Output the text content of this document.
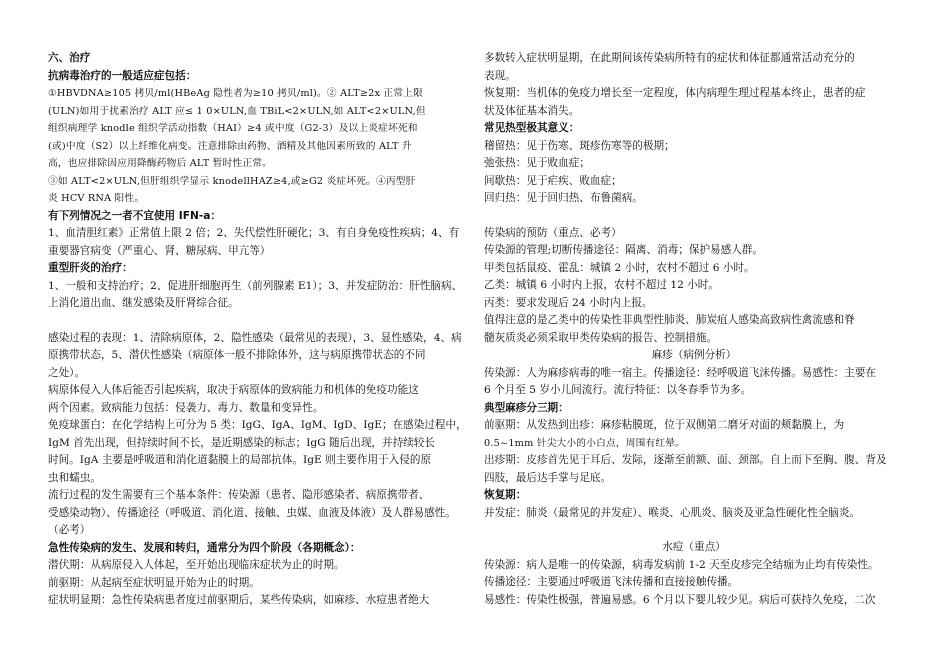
六、治疗

抗病毒治疗的一般适应症包括：

①HBVDNA≥105 拷贝/ml(HBeAg 隐性者为≥10 拷贝/ml)。② ALT≥2x 正常上限

(ULN)如用于扰素治疗 ALT 应≤ 1 0×ULN,血 TBiL<2×ULN,如 ALT<2×ULN,但

组织病理学 knodle 组织学活动指数（HAI）≥4 或中度（G2-3）及以上炎症坏死和

(或)中度（S2）以上纤维化病变。注意排除由药物、酒精及其他因素所致的 ALT 升

高，也应排除因应用降酶药物后 ALT 暂时性正常。

③如 ALT<2×ULN,但肝组织学显示 knodellHAZ≥4,或≥G2 炎症坏死。④丙型肝

炎 HCV RNA 阳性。

有下列情况之一者不宜使用 IFN-a：

1、血清胆红素》正常值上限 2 倍；2、失代偿性肝硬化；3、有自身免疫性疾病；4、有

重要器官病变（严重心、肾、糖尿病、甲亢等）

重型肝炎的治疗：

1、一般和支持治疗；2、促进肝细胞再生（前列腺素 E1）；3、并发症防治：肝性脑病、

上消化道出血、继发感染及肝肾综合征。

感染过程的表现：1、清除病原体，2、隐性感染（最常见的表现），3、显性感染，4、病

原携带状态，5、潜伏性感染（病原体一般不排除体外，这与病原携带状态的不同

之处）。

病原体侵入人体后能否引起疾病，取决于病原体的致病能力和机体的免疫功能这

两个因素。致病能力包括：侵袭力、毒力、数量和变异性。

免疫球蛋白：在化学结构上可分为 5 类：IgG、IgA、IgM、IgD、IgE；在感染过程中，

IgM 首先出现，但持续时间不长，是近期感染的标志；IgG 随后出现，并持续较长

时间。IgA 主要是呼吸道和消化道黏膜上的局部抗体。IgE 则主要作用于入侵的原

虫和蠕虫。

流行过程的发生需要有三个基本条件：传染源（患者、隐形感染者、病原携带者、

受感染动物）、传播途径（呼吸道、消化道、接触、虫媒、血液及体液）及人群易感性。

（必考）

急性传染病的发生、发展和转归，通常分为四个阶段（各期概念）：

潜伏期：从病原侵入人体起，至开始出现临床症状为止的时期。

前驱期：从起病至症状明显开始为止的时期。

症状明显期：急性传染病患者度过前驱期后，某些传染病，如麻疹、水痘患者绝大

多数转入症状明显期，在此期间该传染病所特有的症状和体征都通常活动充分的

表现。

恢复期：当机体的免疫力增长至一定程度，体内病理生理过程基本终止，患者的症

状及体征基本消失。

常见热型极其意义：

稽留热：见于伤寒、斑疹伤寒等的极期；

弛张热：见于败血症；

间歇热：见于疟疾、败血症；

回归热：见于回归热、布鲁菌病。

传染病的预防（重点、必考）

传染源的管理;切断传播途径：隔离、消毒；保护易感人群。

甲类包括鼠疫、霍乱：城镇 2 小时，农村不超过 6 小时。

乙类：城镇 6 小时内上报，农村不超过 12 小时。

丙类：要求发现后 24 小时内上报。

值得注意的是乙类中的传染性非典型性肺炎、肺炭疽人感染高致病性禽流感和脊

髓灰质炎必须采取甲类传染病的报告、控制措施。

麻疹（病例分析）

传染源：人为麻疹病毒的唯一宿主。传播途径：经呼吸道飞沫传播。易感性：主要在

6 个月至 5 岁小儿间流行。流行特征：以冬春季节为多。

典型麻疹分三期：

前驱期：从发热到出疹：麻疹粘膜斑，位于双侧第二磨牙对面的颊黏膜上，为

0.5~1mm 针尖大小的小白点，周围有红晕。

出疹期：皮疹首先见于耳后、发际，逐渐至前额、面、颈部。自上而下至胸、腹、背及

四肢，最后达手掌与足底。

恢复期：

并发症：肺炎（最常见的并发症）、喉炎、心肌炎、脑炎及亚急性硬化性全脑炎。

水痘（重点）

传染源：病人是唯一的传染源，病毒发病前 1-2 天至皮疹完全结痂为止均有传染性。

传播途径：主要通过呼吸道飞沫传播和直接接触传播。

易感性：传染性极强，普遍易感。6 个月以下婴儿较少见。病后可获持久免疫，二次
